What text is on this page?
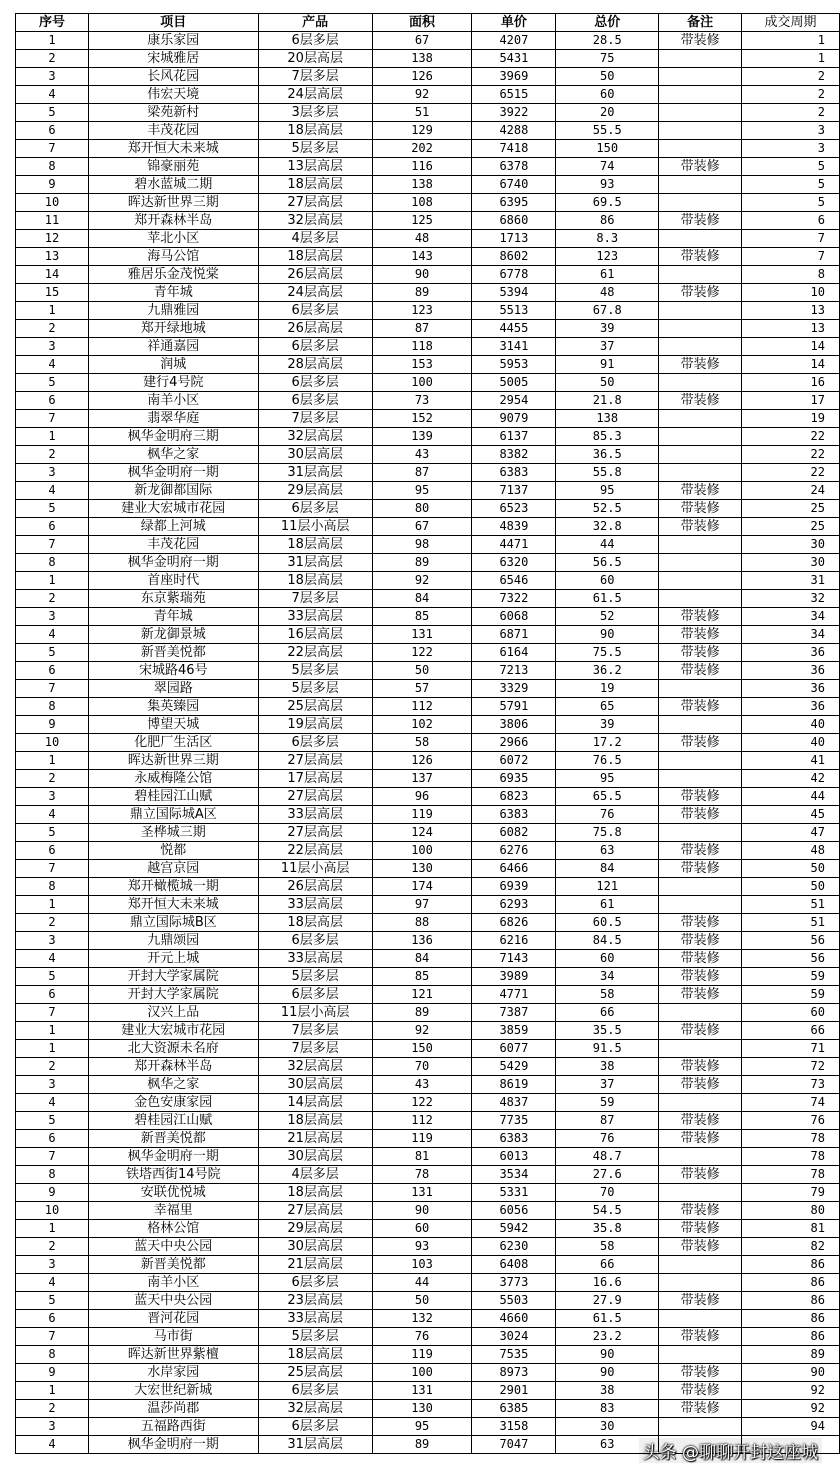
序号	项目	产品	面积	单价	总价	备注	成交周期
1	康乐家园	6层多层	67	4207	28.5	带装修	1
2	宋城雅居	20层高层	138	5431	75		1
3	长风花园	7层多层	126	3969	50		2
4	伟宏天境	24层高层	92	6515	60		2
5	梁苑新村	3层多层	51	3922	20		2
6	丰茂花园	18层高层	129	4288	55.5		3
7	郑开恒大未来城	5层多层	202	7418	150		3
8	锦豪丽苑	13层高层	116	6378	74	带装修	5
9	碧水蓝城二期	18层高层	138	6740	93		5
10	晖达新世界三期	27层高层	108	6395	69.5		5
11	郑开森林半岛	32层高层	125	6860	86	带装修	6
12	苹北小区	4层多层	48	1713	8.3		7
13	海马公馆	18层高层	143	8602	123	带装修	7
14	雅居乐金茂悦棠	26层高层	90	6778	61		8
15	青年城	24层高层	89	5394	48	带装修	10
1	九鼎雅园	6层多层	123	5513	67.8		13
2	郑开绿地城	26层高层	87	4455	39		13
3	祥通嘉园	6层多层	118	3141	37		14
4	润城	28层高层	153	5953	91	带装修	14
5	建行4号院	6层多层	100	5005	50		16
6	南羊小区	6层多层	73	2954	21.8	带装修	17
7	翡翠华庭	7层多层	152	9079	138		19
1	枫华金明府三期	32层高层	139	6137	85.3		22
2	枫华之家	30层高层	43	8382	36.5		22
3	枫华金明府一期	31层高层	87	6383	55.8		22
4	新龙御都国际	29层高层	95	7137	95	带装修	24
5	建业大宏城市花园	6层多层	80	6523	52.5	带装修	25
6	绿都上河城	11层小高层	67	4839	32.8	带装修	25
7	丰茂花园	18层高层	98	4471	44		30
8	枫华金明府一期	31层高层	89	6320	56.5		30
1	首座时代	18层高层	92	6546	60		31
2	东京紫瑞苑	7层多层	84	7322	61.5		32
3	青年城	33层高层	85	6068	52	带装修	34
4	新龙御景城	16层高层	131	6871	90	带装修	34
5	新晋美悦都	22层高层	122	6164	75.5	带装修	36
6	宋城路46号	5层多层	50	7213	36.2	带装修	36
7	翠园路	5层多层	57	3329	19		36
8	集英臻园	25层高层	112	5791	65	带装修	36
9	博望天城	19层高层	102	3806	39		40
10	化肥厂生活区	6层多层	58	2966	17.2	带装修	40
1	晖达新世界三期	27层高层	126	6072	76.5		41
2	永威梅隆公馆	17层高层	137	6935	95		42
3	碧桂园江山赋	27层高层	96	6823	65.5	带装修	44
4	鼎立国际城A区	33层高层	119	6383	76	带装修	45
5	圣桦城三期	27层高层	124	6082	75.8		47
6	悦都	22层高层	100	6276	63	带装修	48
7	越宫京园	11层小高层	130	6466	84	带装修	50
8	郑开橄榄城一期	26层高层	174	6939	121		50
1	郑开恒大未来城	33层高层	97	6293	61		51
2	鼎立国际城B区	18层高层	88	6826	60.5	带装修	51
3	九鼎颂园	6层多层	136	6216	84.5	带装修	56
4	开元上城	33层高层	84	7143	60	带装修	56
5	开封大学家属院	5层多层	85	3989	34	带装修	59
6	开封大学家属院	6层多层	121	4771	58	带装修	59
7	汉兴上品	11层小高层	89	7387	66		60
1	建业大宏城市花园	7层多层	92	3859	35.5	带装修	66
1	北大资源未名府	7层多层	150	6077	91.5		71
2	郑开森林半岛	32层高层	70	5429	38	带装修	72
3	枫华之家	30层高层	43	8619	37	带装修	73
4	金色安康家园	14层高层	122	4837	59		74
5	碧桂园江山赋	18层高层	112	7735	87	带装修	76
6	新晋美悦都	21层高层	119	6383	76	带装修	78
7	枫华金明府一期	30层高层	81	6013	48.7		78
8	铁塔西街14号院	4层多层	78	3534	27.6	带装修	78
9	安联优悦城	18层高层	131	5331	70		79
10	幸福里	27层高层	90	6056	54.5	带装修	80
1	格林公馆	29层高层	60	5942	35.8	带装修	81
2	蓝天中央公园	30层高层	93	6230	58	带装修	82
3	新晋美悦都	21层高层	103	6408	66		86
4	南羊小区	6层多层	44	3773	16.6		86
5	蓝天中央公园	23层高层	50	5503	27.9	带装修	86
6	晋河花园	33层高层	132	4660	61.5		86
7	马市街	5层多层	76	3024	23.2	带装修	86
8	晖达新世界紫檀	18层高层	119	7535	90		89
9	水岸家园	25层高层	100	8973	90	带装修	90
1	大宏世纪新城	6层多层	131	2901	38	带装修	92
2	温莎尚郡	32层高层	130	6385	83	带装修	92
3	五福路西街	6层多层	95	3158	30		94
4	枫华金明府一期	31层高层	89	7047	63		头条 @聊聊开封这座城
